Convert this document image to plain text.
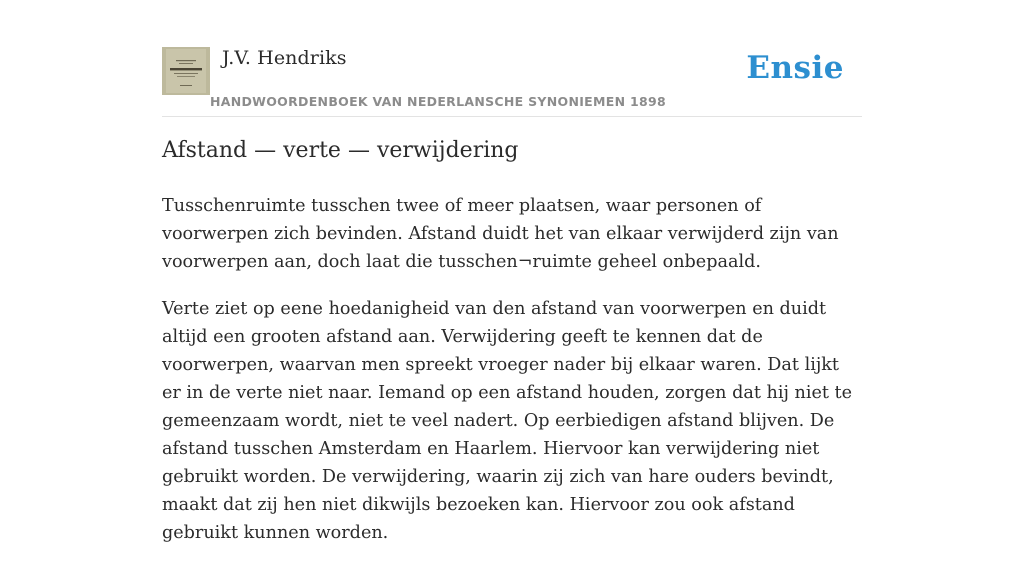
J.V. Hendriks
HANDWOORDENBOEK VAN NEDERLANSCHE SYNONIEMEN 1898
Ensie
Afstand — verte — verwijdering

Tusschenruimte tusschen twee of meer plaatsen, waar personen of voorwerpen zich bevinden. Afstand duidt het van elkaar verwijderd zijn van voorwerpen aan, doch laat die tusschen¬ruimte geheel onbepaald.

Verte ziet op eene hoedanigheid van den afstand van voorwerpen en duidt altijd een grooten afstand aan. Verwijdering geeft te kennen dat de voorwerpen, waarvan men spreekt vroeger nader bij elkaar waren. Dat lijkt er in de verte niet naar. Iemand op een afstand houden, zorgen dat hij niet te gemeenzaam wordt, niet te veel nadert. Op eerbiedigen afstand blijven. De afstand tusschen Amsterdam en Haarlem. Hiervoor kan verwijdering niet gebruikt worden. De verwijdering, waarin zij zich van hare ouders bevindt, maakt dat zij hen niet dikwijls bezoeken kan. Hiervoor zou ook afstand gebruikt kunnen worden.
